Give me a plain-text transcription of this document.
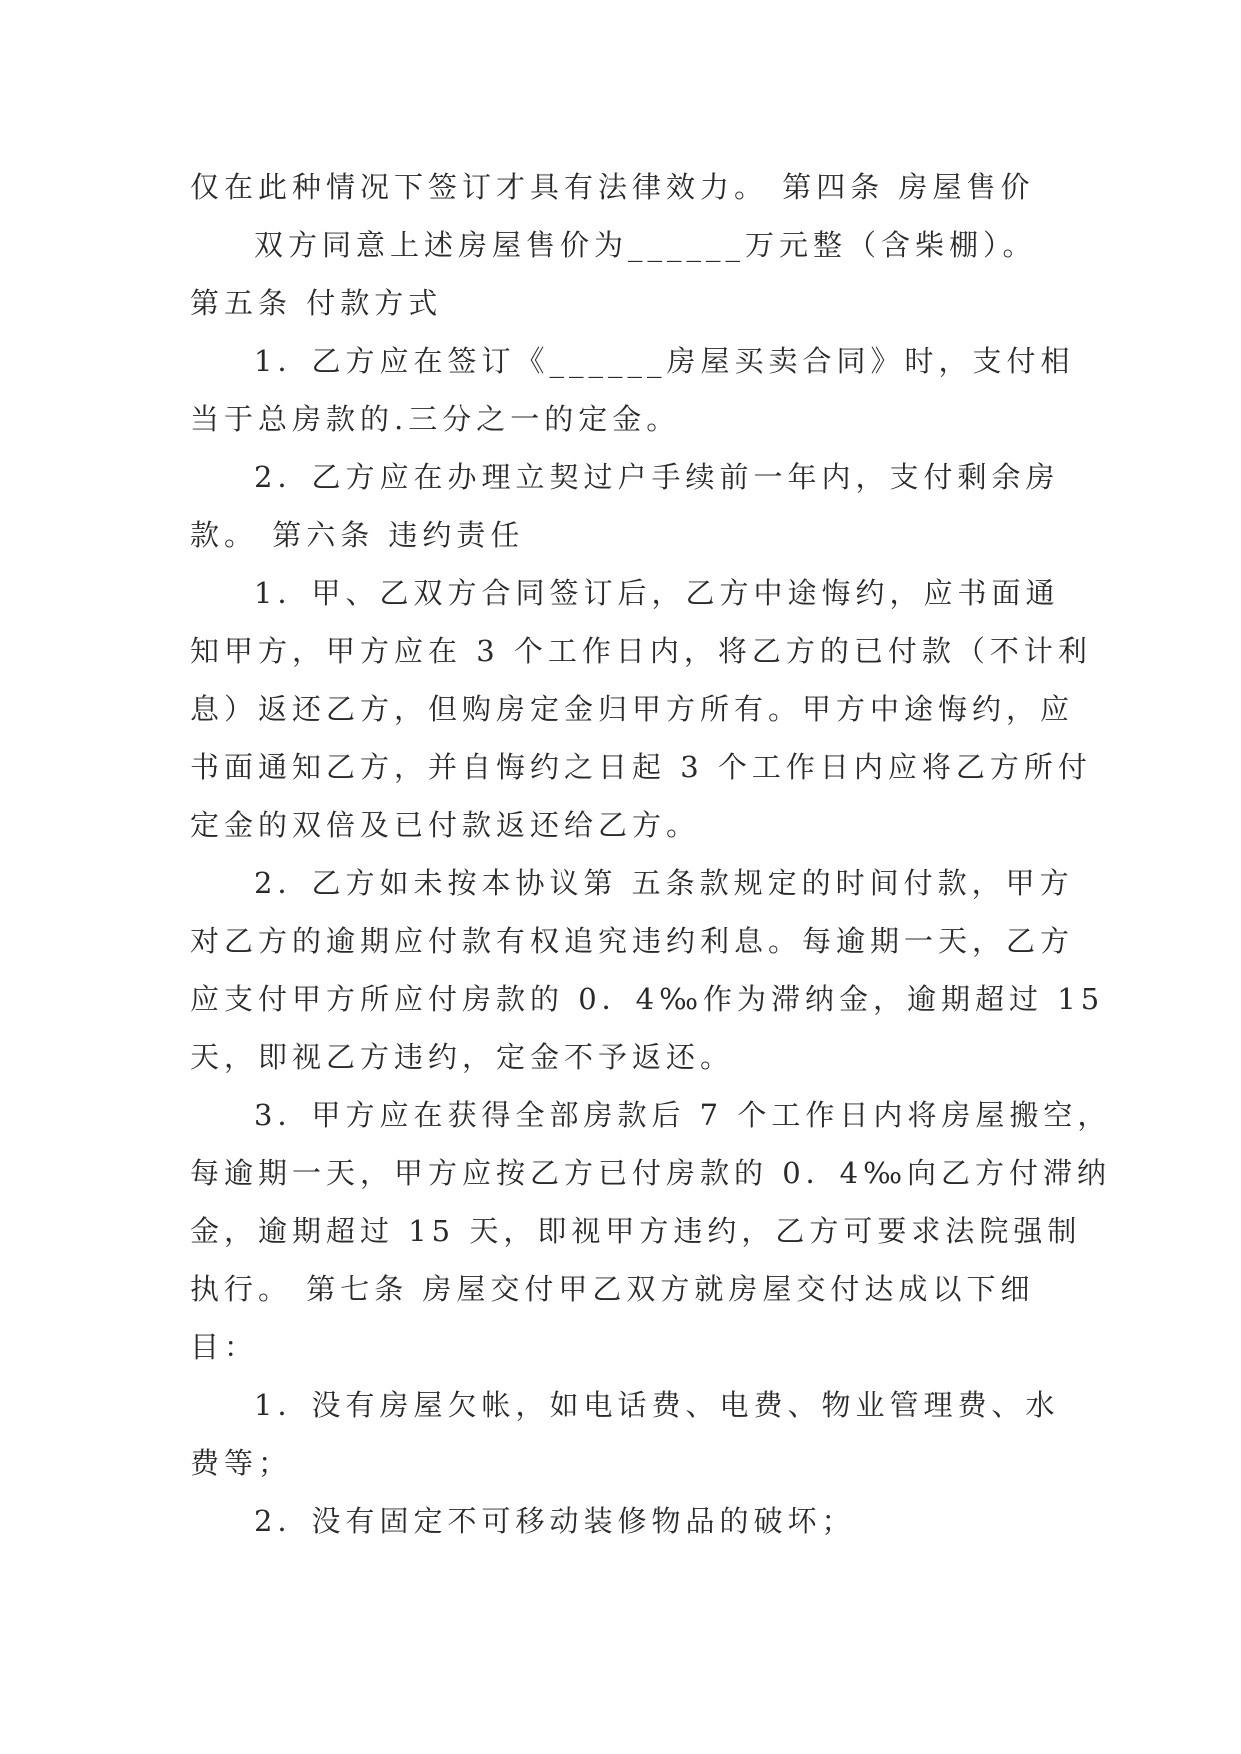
仅在此种情况下签订才具有法律效力。 第四条 房屋售价
双方同意上述房屋售价为______万元整（含柴棚）。
第五条 付款方式
1．乙方应在签订《______房屋买卖合同》时，支付相
当于总房款的.三分之一的定金。
2．乙方应在办理立契过户手续前一年内，支付剩余房
款。 第六条 违约责任
1．甲、乙双方合同签订后，乙方中途悔约，应书面通
知甲方，甲方应在 3 个工作日内，将乙方的已付款（不计利
息）返还乙方，但购房定金归甲方所有。甲方中途悔约，应
书面通知乙方，并自悔约之日起 3 个工作日内应将乙方所付
定金的双倍及已付款返还给乙方。
2．乙方如未按本协议第 五条款规定的时间付款，甲方
对乙方的逾期应付款有权追究违约利息。每逾期一天，乙方
应支付甲方所应付房款的 0．4‰作为滞纳金，逾期超过 15
天，即视乙方违约，定金不予返还。
3．甲方应在获得全部房款后 7 个工作日内将房屋搬空，
每逾期一天，甲方应按乙方已付房款的 0．4‰向乙方付滞纳
金，逾期超过 15 天，即视甲方违约，乙方可要求法院强制
执行。 第七条 房屋交付甲乙双方就房屋交付达成以下细
目：
1．没有房屋欠帐，如电话费、电费、物业管理费、水
费等；
2．没有固定不可移动装修物品的破坏；
